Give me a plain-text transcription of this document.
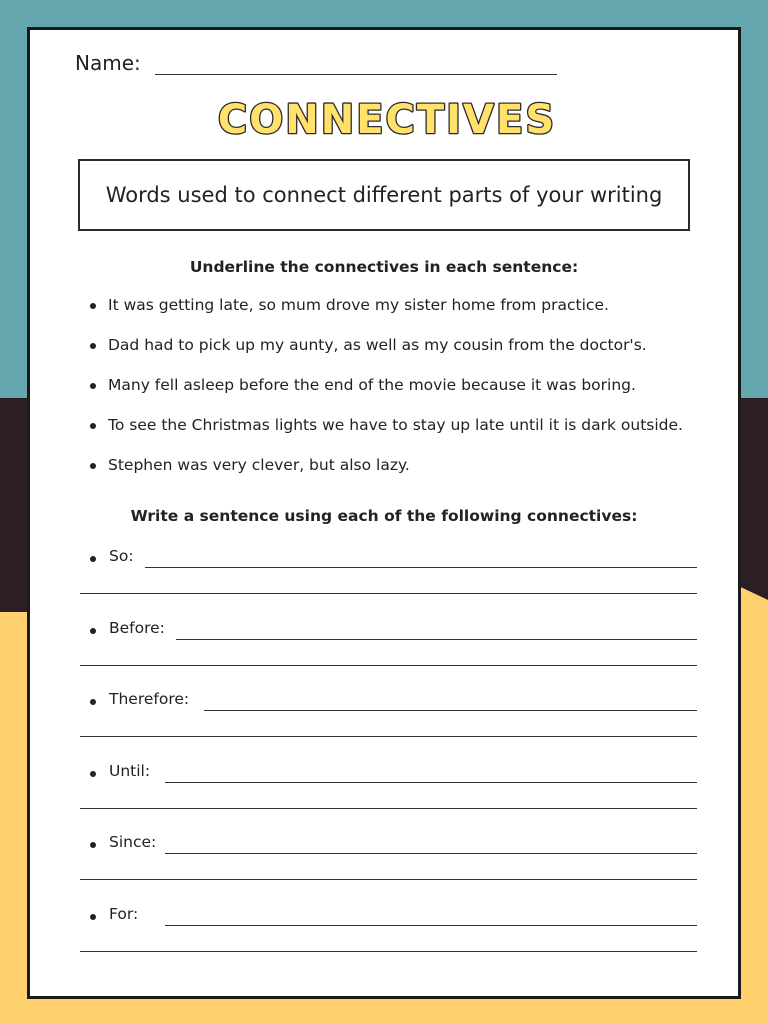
Name:
CONNECTIVES
Words used to connect different parts of your writing
Underline the connectives in each sentence:
It was getting late, so mum drove my sister home from practice.
Dad had to pick up my aunty, as well as my cousin from the doctor's.
Many fell asleep before the end of the movie because it was boring.
To see the Christmas lights we have to stay up late until it is dark outside.
Stephen was very clever, but also lazy.
Write a sentence using each of the following connectives:
So:
Before:
Therefore:
Until:
Since:
For:
